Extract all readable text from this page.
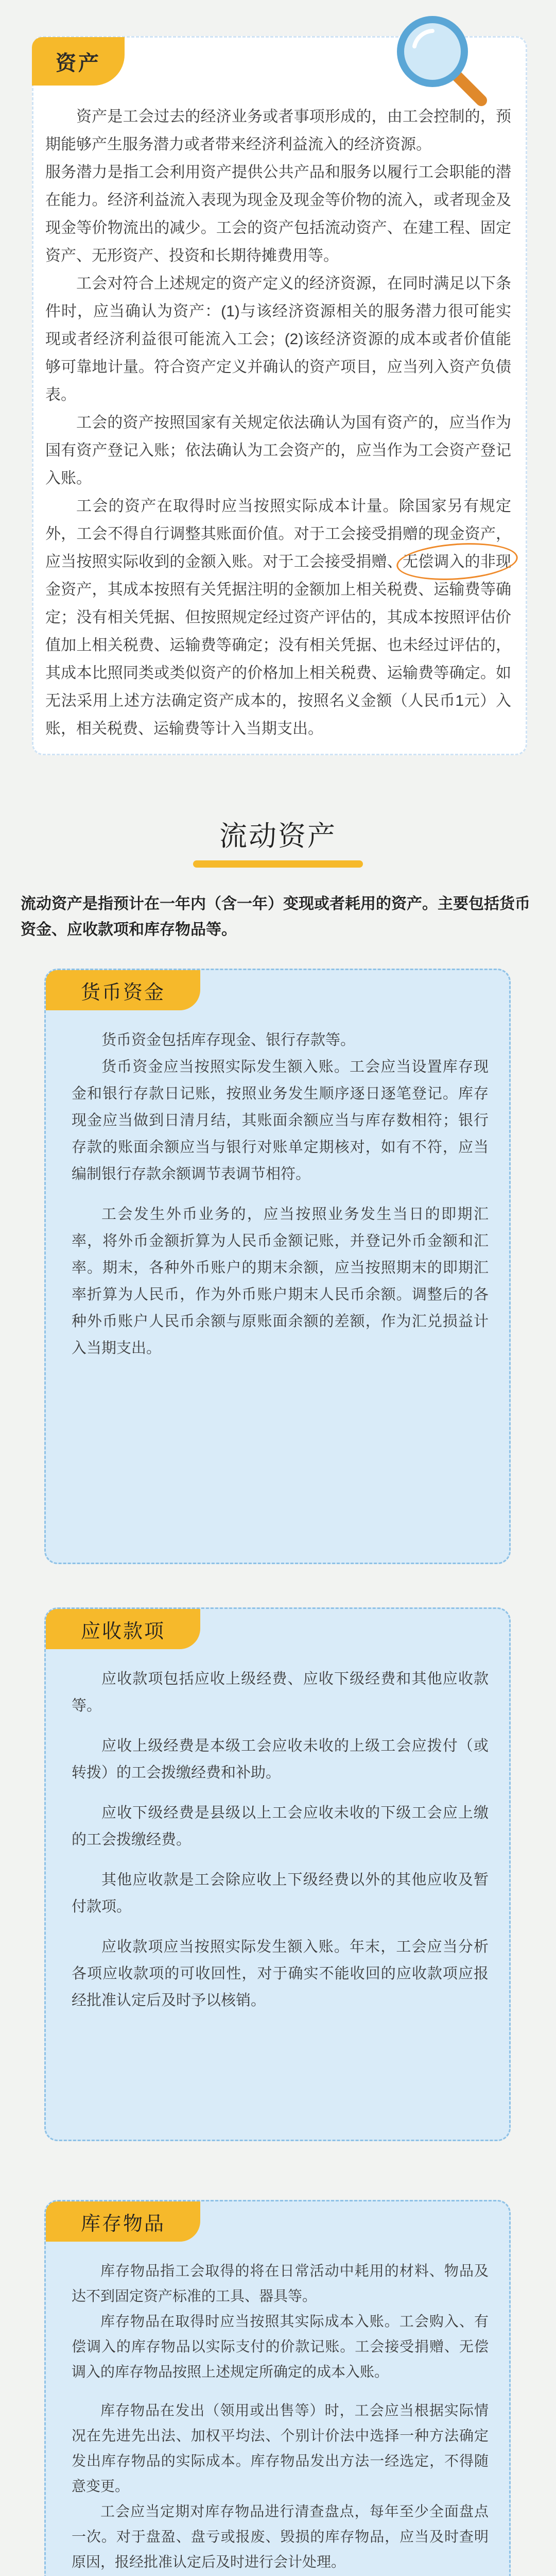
资产

资产是工会过去的经济业务或者事项形成的，由工会控制的，预期能够产生服务潜力或者带来经济利益流入的经济资源。

服务潜力是指工会利用资产提供公共产品和服务以履行工会职能的潜在能力。经济利益流入表现为现金及现金等价物的流入，或者现金及现金等价物流出的减少。工会的资产包括流动资产、在建工程、固定资产、无形资产、投资和长期待摊费用等。

工会对符合上述规定的资产定义的经济资源，在同时满足以下条件时，应当确认为资产：(1)与该经济资源相关的服务潜力很可能实现或者经济利益很可能流入工会；(2)该经济资源的成本或者价值能够可靠地计量。符合资产定义并确认的资产项目，应当列入资产负债表。

工会的资产按照国家有关规定依法确认为国有资产的，应当作为国有资产登记入账；依法确认为工会资产的，应当作为工会资产登记入账。

工会的资产在取得时应当按照实际成本计量。除国家另有规定外，工会不得自行调整其账面价值。对于工会接受捐赠的现金资产，应当按照实际收到的金额入账。对于工会接受捐赠、无偿调入的非现金资产，其成本按照有关凭据注明的金额加上相关税费、运输费等确定；没有相关凭据、但按照规定经过资产评估的，其成本按照评估价值加上相关税费、运输费等确定；没有相关凭据、也未经过评估的，其成本比照同类或类似资产的价格加上相关税费、运输费等确定。如无法采用上述方法确定资产成本的，按照名义金额（人民币1元）入账，相关税费、运输费等计入当期支出。

流动资产
流动资产是指预计在一年内（含一年）变现或者耗用的资产。主要包括货币资金、应收款项和库存物品等。
货币资金

货币资金包括库存现金、银行存款等。

货币资金应当按照实际发生额入账。工会应当设置库存现金和银行存款日记账，按照业务发生顺序逐日逐笔登记。库存现金应当做到日清月结，其账面余额应当与库存数相符；银行存款的账面余额应当与银行对账单定期核对，如有不符，应当编制银行存款余额调节表调节相符。

工会发生外币业务的，应当按照业务发生当日的即期汇率，将外币金额折算为人民币金额记账，并登记外币金额和汇率。期末，各种外币账户的期末余额，应当按照期末的即期汇率折算为人民币，作为外币账户期末人民币余额。调整后的各种外币账户人民币余额与原账面余额的差额，作为汇兑损益计入当期支出。

应收款项

应收款项包括应收上级经费、应收下级经费和其他应收款等。

应收上级经费是本级工会应收未收的上级工会应拨付（或转拨）的工会拨缴经费和补助。

应收下级经费是县级以上工会应收未收的下级工会应上缴的工会拨缴经费。

其他应收款是工会除应收上下级经费以外的其他应收及暂付款项。

应收款项应当按照实际发生额入账。年末，工会应当分析各项应收款项的可收回性，对于确实不能收回的应收款项应报经批准认定后及时予以核销。

库存物品

库存物品指工会取得的将在日常活动中耗用的材料、物品及达不到固定资产标准的工具、器具等。

库存物品在取得时应当按照其实际成本入账。工会购入、有偿调入的库存物品以实际支付的价款记账。工会接受捐赠、无偿调入的库存物品按照上述规定所确定的成本入账。

库存物品在发出（领用或出售等）时，工会应当根据实际情况在先进先出法、加权平均法、个别计价法中选择一种方法确定发出库存物品的实际成本。库存物品发出方法一经选定，不得随意变更。

工会应当定期对库存物品进行清查盘点，每年至少全面盘点一次。对于盘盈、盘亏或报废、毁损的库存物品，应当及时查明原因，报经批准认定后及时进行会计处理。
